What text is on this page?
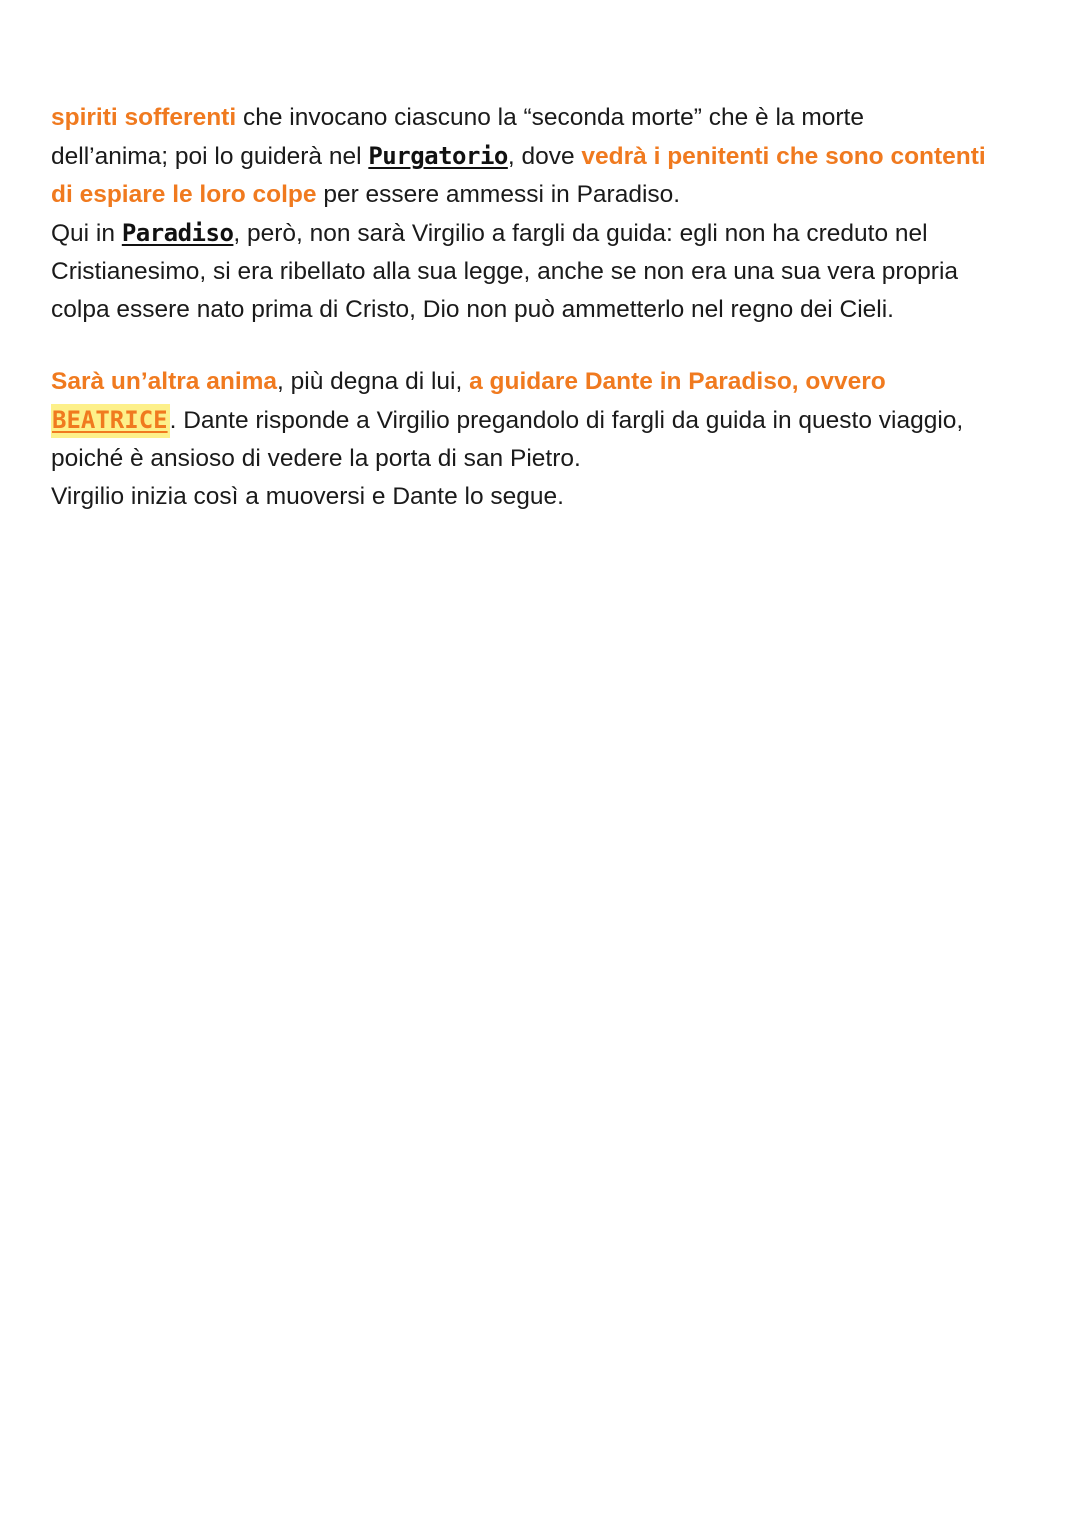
spiriti sofferenti che invocano ciascuno la “seconda morte” che è la morte
dell’anima; poi lo guiderà nel Purgatorio, dove vedrà i penitenti che sono contenti
di espiare le loro colpe per essere ammessi in Paradiso.
Qui in Paradiso, però, non sarà Virgilio a fargli da guida: egli non ha creduto nel
Cristianesimo, si era ribellato alla sua legge, anche se non era una sua vera propria
colpa essere nato prima di Cristo, Dio non può ammetterlo nel regno dei Cieli.
Sarà un’altra anima, più degna di lui, a guidare Dante in Paradiso, ovvero
BEATRICE. Dante risponde a Virgilio pregandolo di fargli da guida in questo viaggio,
poiché è ansioso di vedere la porta di san Pietro.
Virgilio inizia così a muoversi e Dante lo segue.
